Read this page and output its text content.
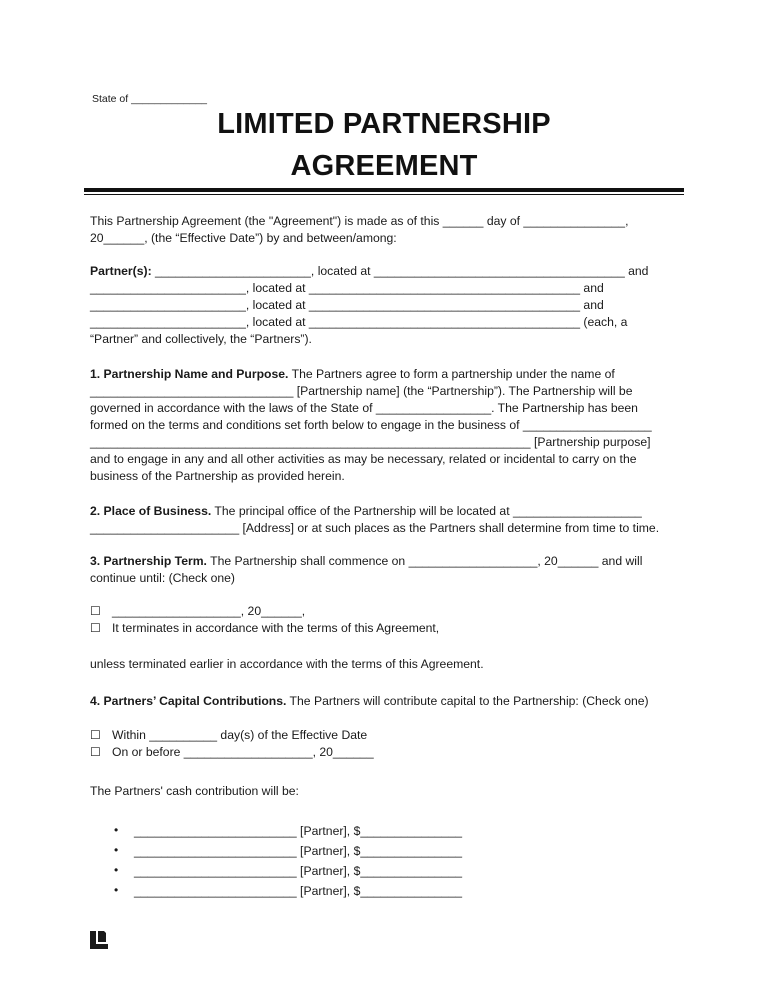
State of _____________
LIMITED PARTNERSHIP
AGREEMENT
This Partnership Agreement (the "Agreement") is made as of this ______ day of _______________,
20______, (the “Effective Date”) by and between/among:
Partner(s): _______________________, located at _____________________________________ and
_______________________, located at ________________________________________ and
_______________________, located at ________________________________________ and
_______________________, located at ________________________________________ (each, a
“Partner” and collectively, the “Partners”).
1. Partnership Name and Purpose. The Partners agree to form a partnership under the name of
______________________________ [Partnership name] (the “Partnership”). The Partnership will be
governed in accordance with the laws of the State of _________________. The Partnership has been
formed on the terms and conditions set forth below to engage in the business of ___________________
_________________________________________________________________ [Partnership purpose]
and to engage in any and all other activities as may be necessary, related or incidental to carry on the
business of the Partnership as provided herein.
2. Place of Business. The principal office of the Partnership will be located at ___________________
______________________ [Address] or at such places as the Partners shall determine from time to time.
3. Partnership Term. The Partnership shall commence on ___________________, 20______ and will
continue until: (Check one)
☐ ___________________, 20______,
☐ It terminates in accordance with the terms of this Agreement,
unless terminated earlier in accordance with the terms of this Agreement.
4. Partners’ Capital Contributions. The Partners will contribute capital to the Partnership: (Check one)
☐ Within __________ day(s) of the Effective Date
☐ On or before ___________________, 20______
The Partners' cash contribution will be:
• ________________________ [Partner], $_______________
• ________________________ [Partner], $_______________
• ________________________ [Partner], $_______________
• ________________________ [Partner], $_______________
